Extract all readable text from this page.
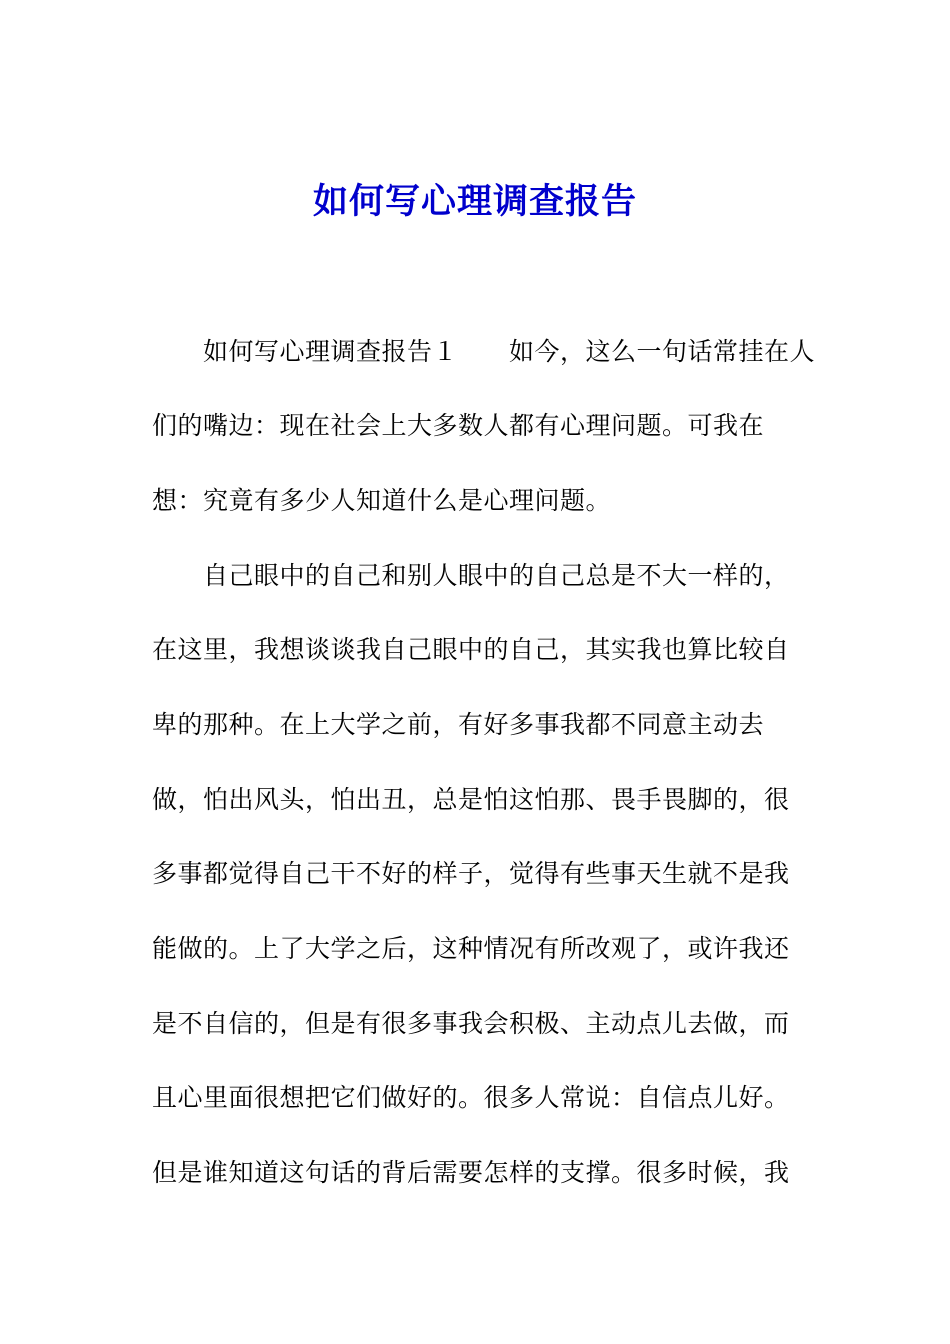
如何写心理调查报告
如何写心理调查报告１　　如今，这么一句话常挂在人
们的嘴边：现在社会上大多数人都有心理问题。可我在
想：究竟有多少人知道什么是心理问题。
自己眼中的自己和别人眼中的自己总是不大一样的，
在这里，我想谈谈我自己眼中的自己，其实我也算比较自
卑的那种。在上大学之前，有好多事我都不同意主动去
做，怕出风头，怕出丑，总是怕这怕那、畏手畏脚的，很
多事都觉得自己干不好的样子，觉得有些事天生就不是我
能做的。上了大学之后，这种情况有所改观了，或许我还
是不自信的，但是有很多事我会积极、主动点儿去做，而
且心里面很想把它们做好的。很多人常说：自信点儿好。
但是谁知道这句话的背后需要怎样的支撑。很多时候，我
